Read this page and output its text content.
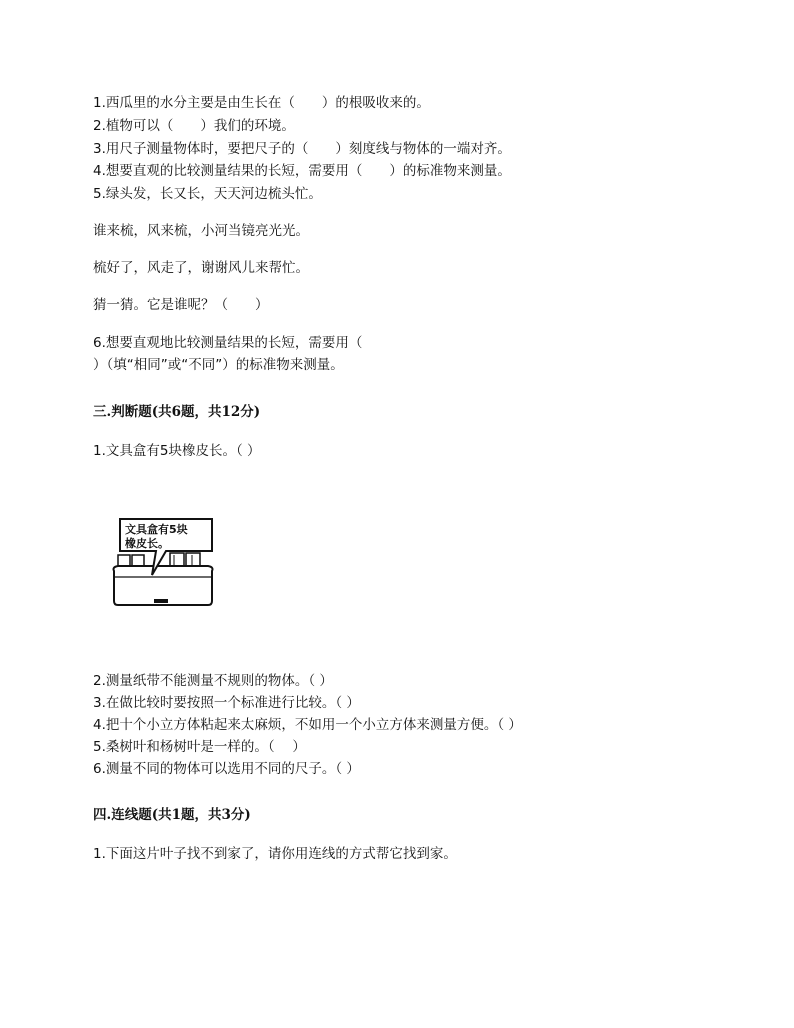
1.西瓜里的水分主要是由生长在（　　）的根吸收来的。
2.植物可以（　　）我们的环境。
3.用尺子测量物体时，要把尺子的（　　）刻度线与物体的一端对齐。
4.想要直观的比较测量结果的长短，需要用（　　）的标准物来测量。
5.绿头发，长又长，天天河边梳头忙。
谁来梳，风来梳，小河当镜亮光光。
梳好了，风走了，谢谢风儿来帮忙。
猜一猜。它是谁呢？（　　）
6.想要直观地比较测量结果的长短，需要用（
）（填“相同”或“不同”）的标准物来测量。
三.判断题(共6题，共12分)
1.文具盒有5块橡皮长。（ ）
文具盒有5块
橡皮长。
2.测量纸带不能测量不规则的物体。（ ）
3.在做比较时要按照一个标准进行比较。（ ）
4.把十个小立方体粘起来太麻烦，不如用一个小立方体来测量方便。（ ）
5.桑树叶和杨树叶是一样的。（　 ）
6.测量不同的物体可以选用不同的尺子。（ ）
四.连线题(共1题，共3分)
1.下面这片叶子找不到家了，请你用连线的方式帮它找到家。
